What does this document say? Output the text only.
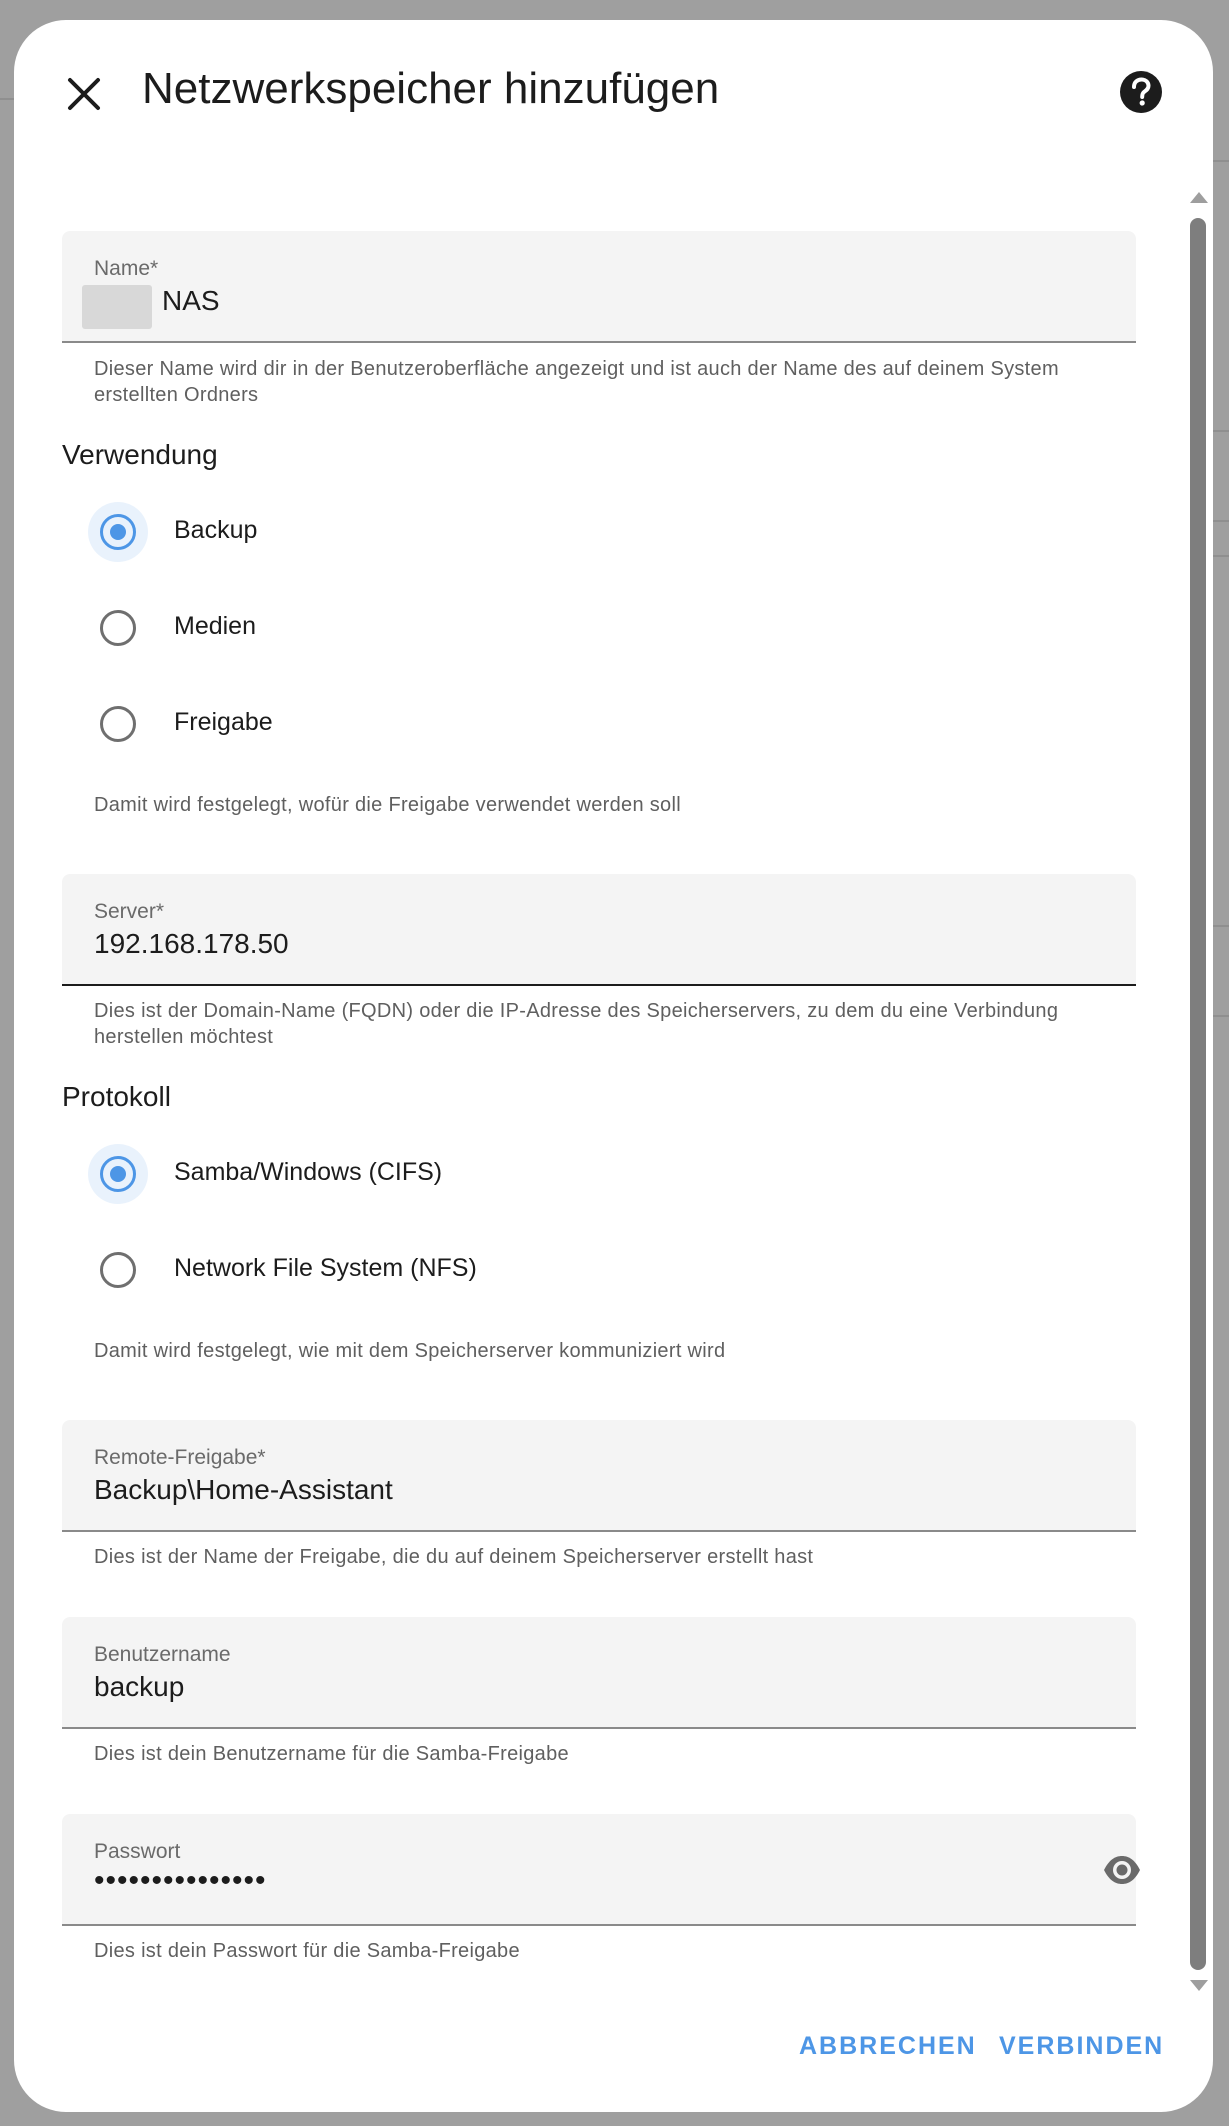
Netzwerkspeicher hinzufügen
Name*
NAS
Dieser Name wird dir in der Benutzeroberfläche angezeigt und ist auch der Name des auf deinem System erstellten Ordners
Verwendung
Backup
Medien
Freigabe
Damit wird festgelegt, wofür die Freigabe verwendet werden soll
Server*
192.168.178.50
Dies ist der Domain-Name (FQDN) oder die IP-Adresse des Speicherservers, zu dem du eine Verbindung herstellen möchtest
Protokoll
Samba/Windows (CIFS)
Network File System (NFS)
Damit wird festgelegt, wie mit dem Speicherserver kommuniziert wird
Remote-Freigabe*
Backup\Home-Assistant
Dies ist der Name der Freigabe, die du auf deinem Speicherserver erstellt hast
Benutzername
backup
Dies ist dein Benutzername für die Samba-Freigabe
Passwort
•••••••••••••••
Dies ist dein Passwort für die Samba-Freigabe
ABBRECHEN VERBINDEN
